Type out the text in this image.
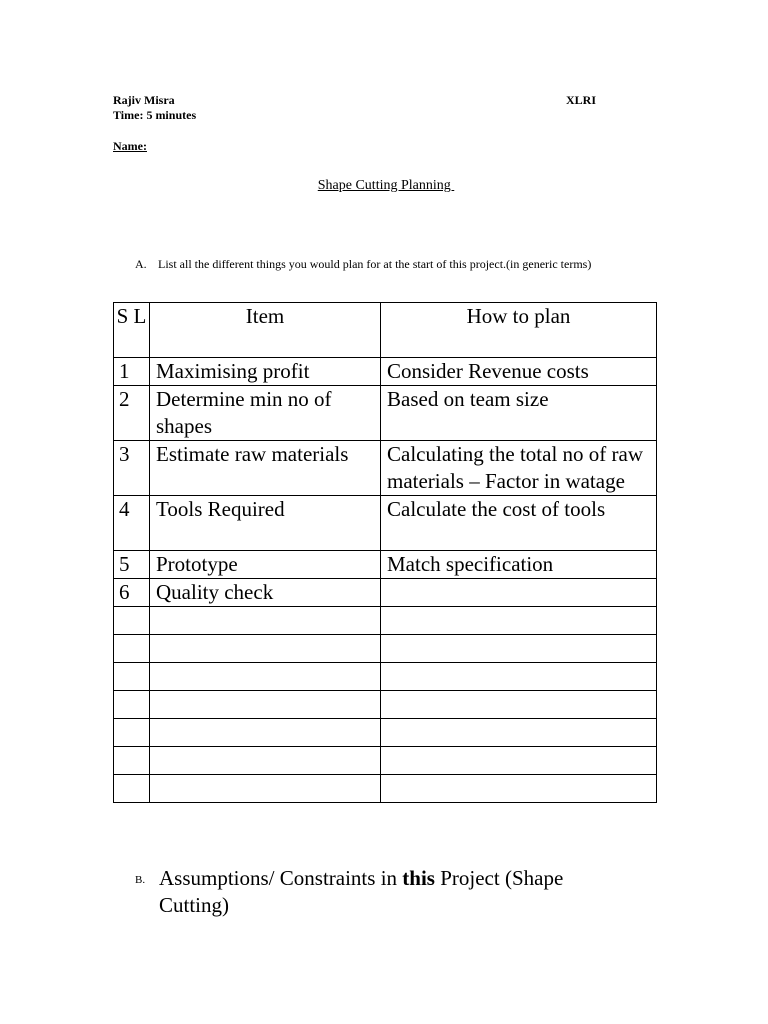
Rajiv Misra
Time: 5 minutes
XLRI
Name:
Shape Cutting Planning
A. List all the different things you would plan for at the start of this project.(in generic terms)
S L	Item	How to plan
1	Maximising profit	Consider Revenue costs
2	Determine min no of shapes	Based on team size
3	Estimate raw materials	Calculating the total no of raw materials – Factor in watage
4	Tools Required	Calculate the cost of tools
5	Prototype	Match specification
6	Quality check	

B. Assumptions/ Constraints in this Project (Shape Cutting)
